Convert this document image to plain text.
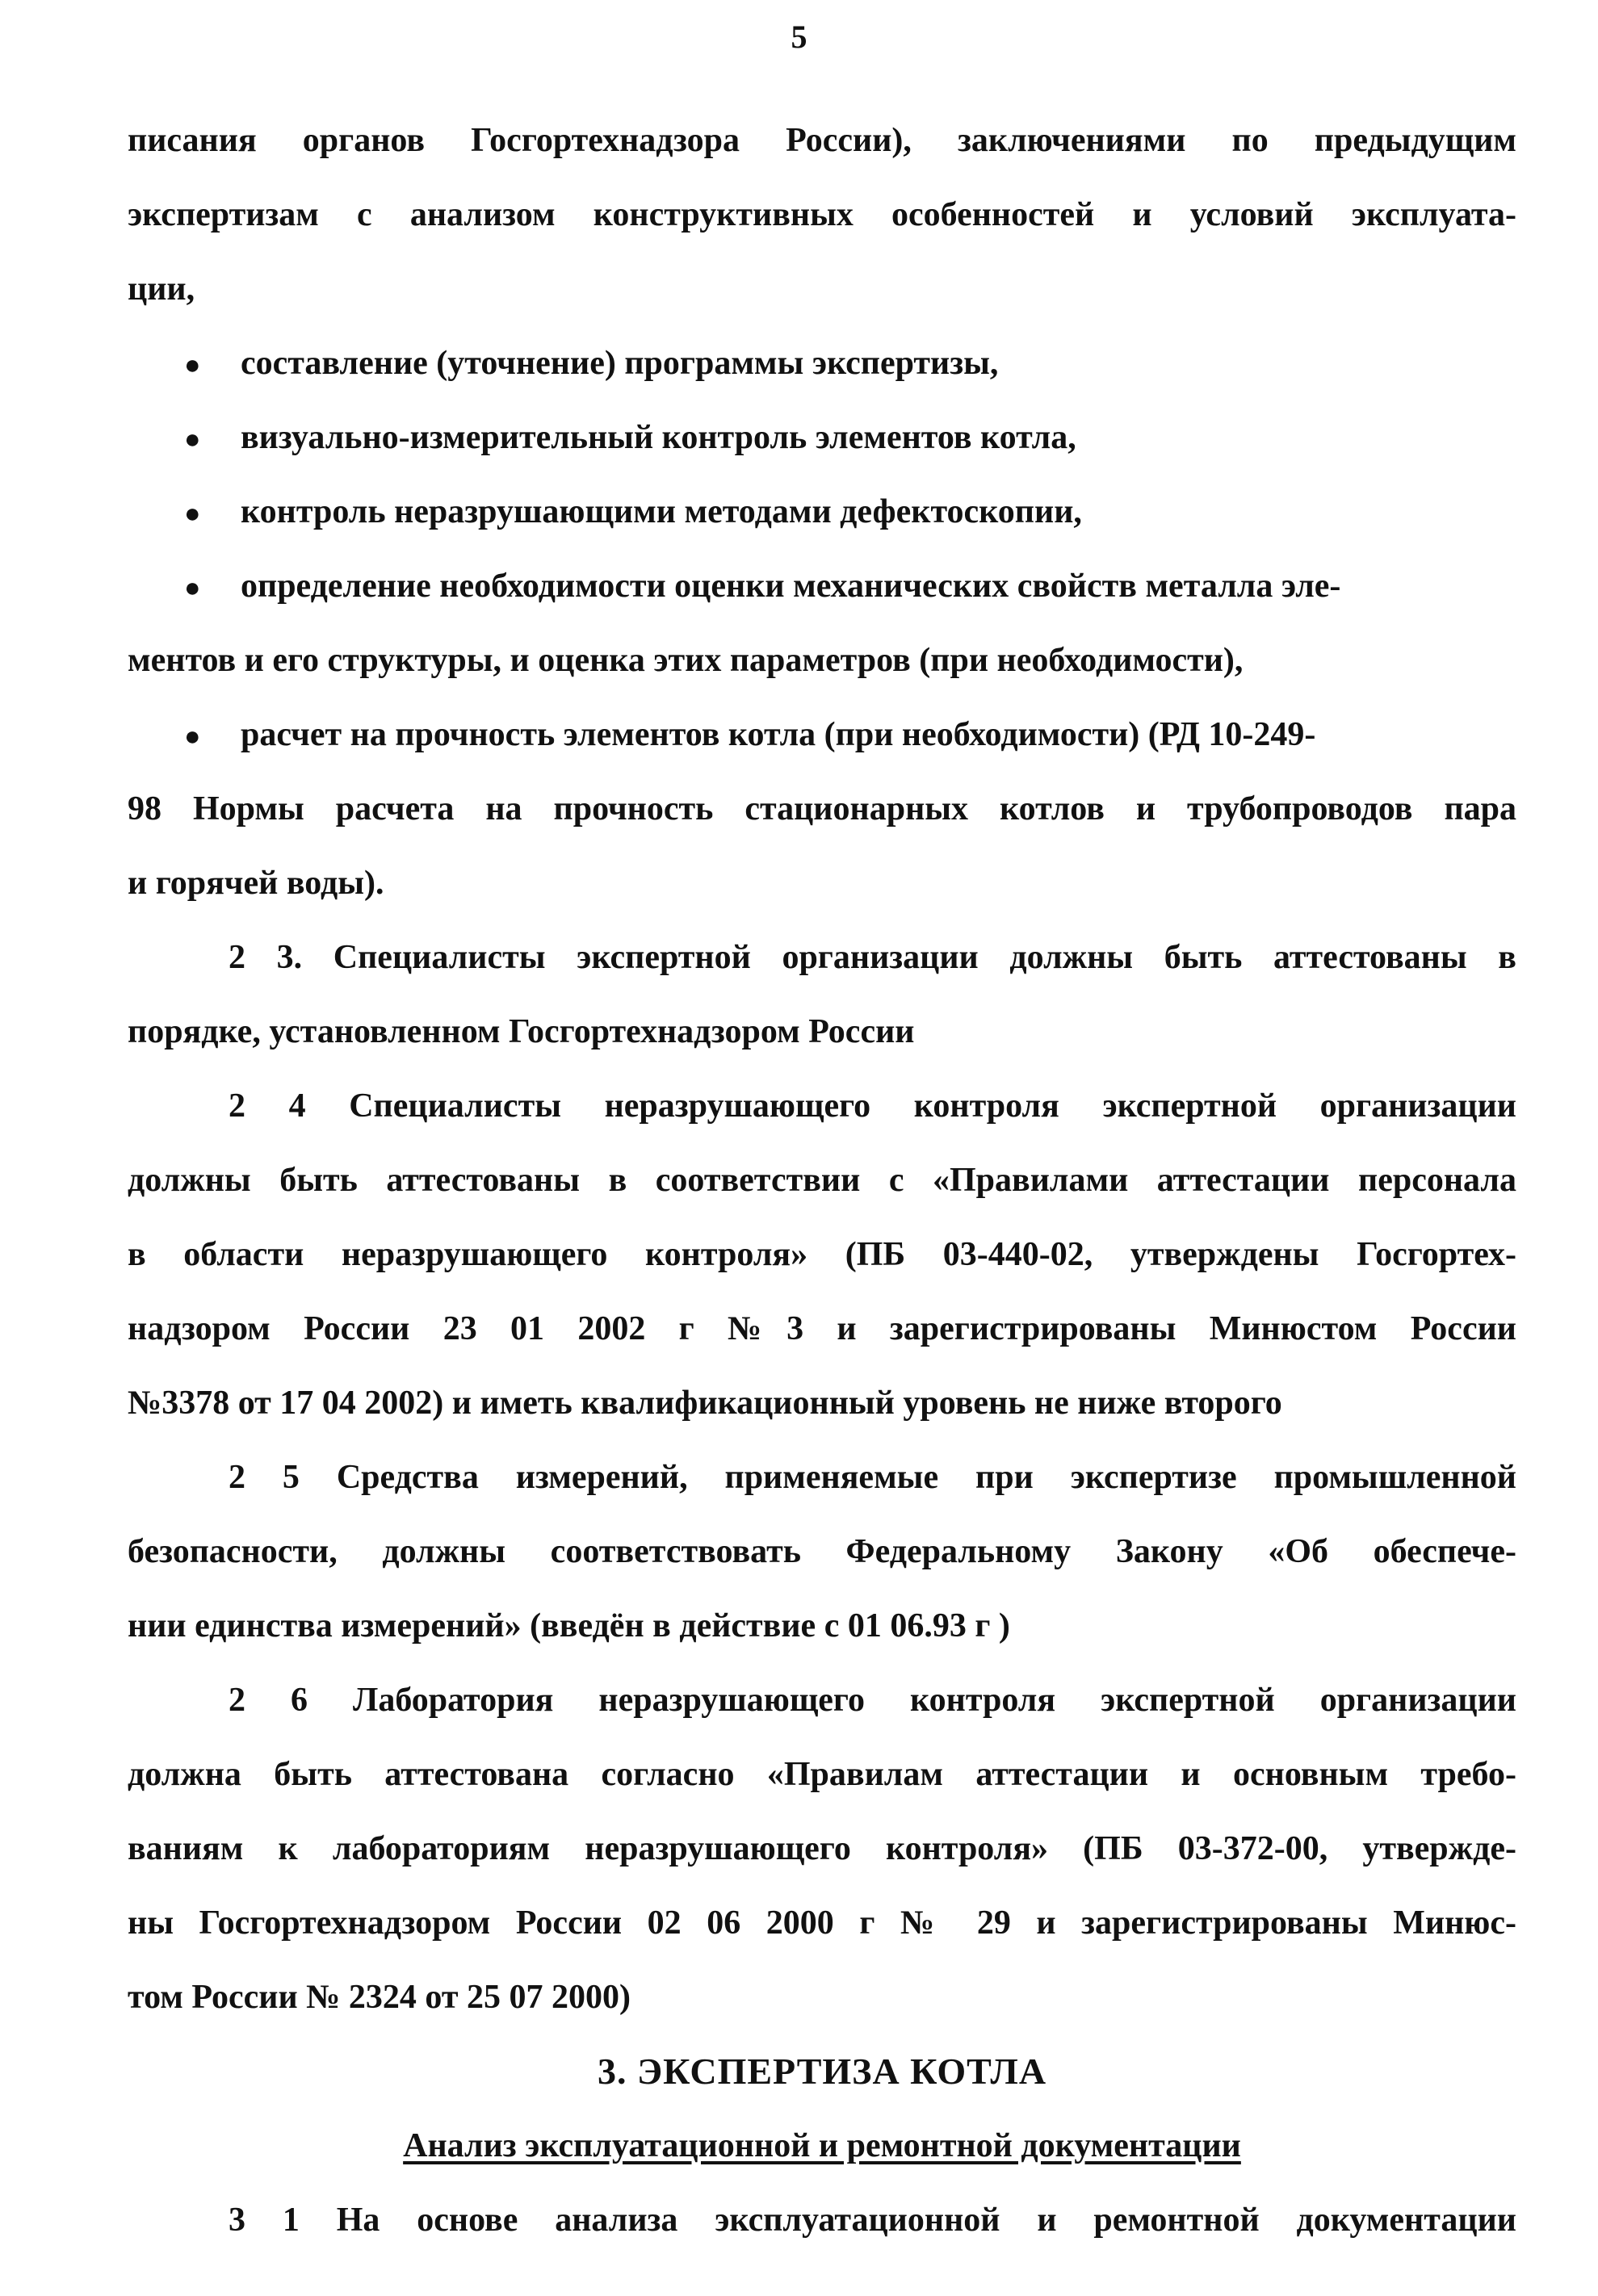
5
писания органов Госгортехнадзора России), заключениями по предыдущим
экспертизам с анализом конструктивных особенностей и условий эксплуата-
ции,
● составление (уточнение) программы экспертизы,
● визуально-измерительный контроль элементов котла,
● контроль неразрушающими методами дефектоскопии,
● определение необходимости оценки механических свойств металла эле-
ментов и его структуры, и оценка этих параметров (при необходимости),
● расчет на прочность элементов котла (при необходимости) (РД 10-249-
98 Нормы расчета на прочность стационарных котлов и трубопроводов пара
и горячей воды).
2 3. Специалисты экспертной организации должны быть аттестованы в
порядке, установленном Госгортехнадзором России
2 4 Специалисты неразрушающего контроля экспертной организации
должны быть аттестованы в соответствии с «Правилами аттестации персонала
в области неразрушающего контроля» (ПБ 03-440-02, утверждены Госгортех-
надзором России 23 01 2002 г №3 и зарегистрированы Минюстом России
№3378 от 17 04 2002) и иметь квалификационный уровень не ниже второго
2 5 Средства измерений, применяемые при экспертизе промышленной
безопасности, должны соответствовать Федеральному Закону «Об обеспече-
нии единства измерений» (введён в действие с 01 06.93 г )
2 6 Лаборатория неразрушающего контроля экспертной организации
должна быть аттестована согласно «Правилам аттестации и основным требо-
ваниям к лабораториям неразрушающего контроля» (ПБ 03-372-00, утвержде-
ны Госгортехнадзором России 02 06 2000 г № 29 и зарегистрированы Минюс-
том России № 2324 от 25 07 2000)
3. ЭКСПЕРТИЗА КОТЛА
Анализ эксплуатационной и ремонтной документации
3 1 На основе анализа эксплуатационной и ремонтной документации
